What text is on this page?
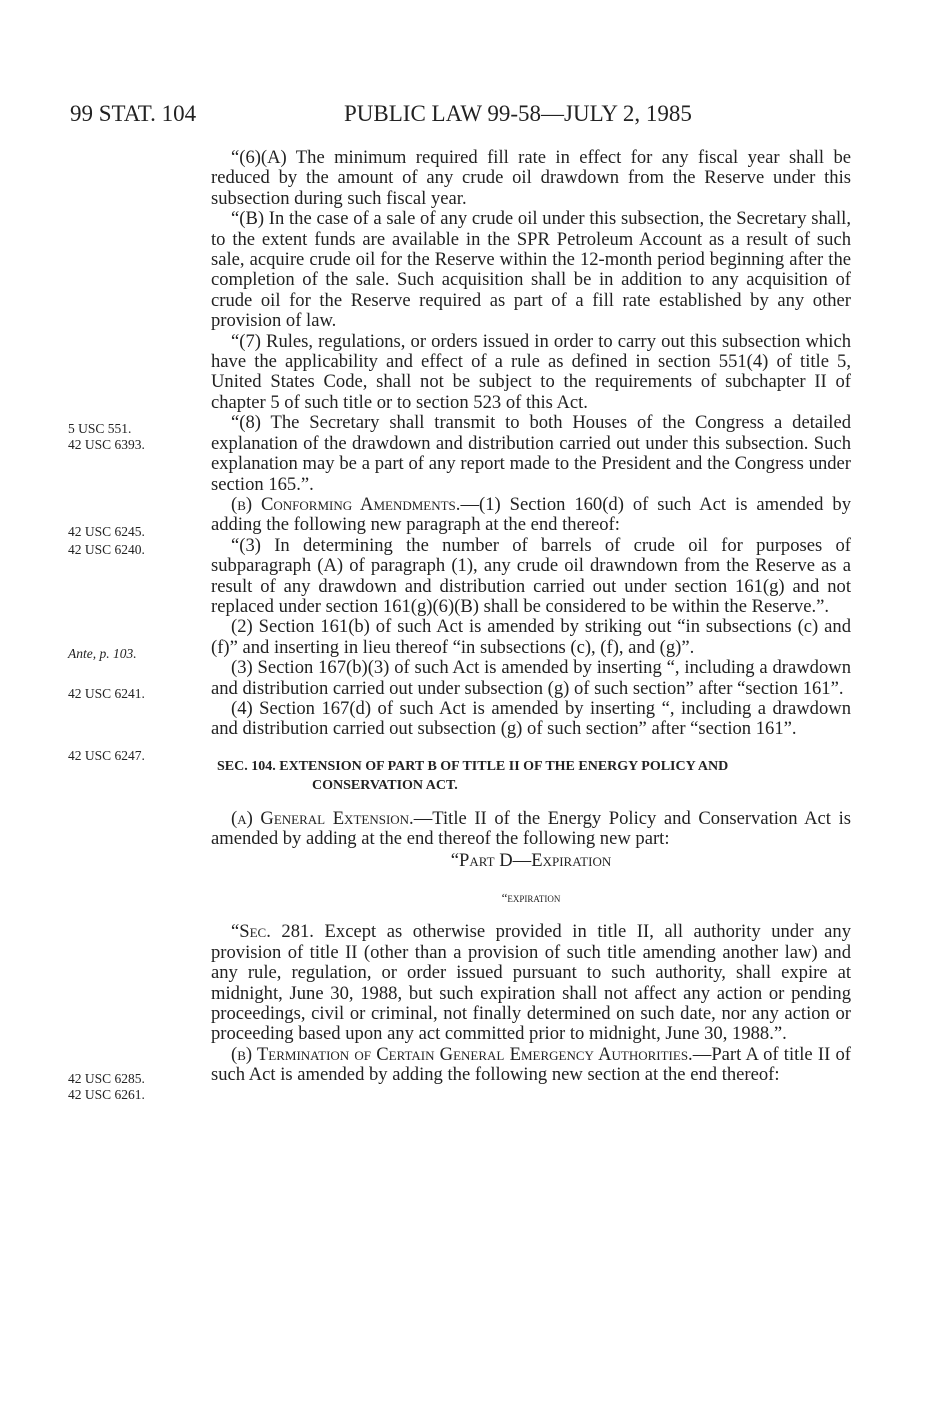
99 STAT. 104	PUBLIC LAW 99-58—JULY 2, 1985
5 USC 551.
42 USC 6393.
42 USC 6245.
42 USC 6240.
Ante, p. 103.
42 USC 6241.
42 USC 6247.
42 USC 6285.
42 USC 6261.

“(6)(A) The minimum required fill rate in effect for any fiscal year shall be reduced by the amount of any crude oil drawdown from the Reserve under this subsection during such fiscal year.

“(B) In the case of a sale of any crude oil under this subsection, the Secretary shall, to the extent funds are available in the SPR Petroleum Account as a result of such sale, acquire crude oil for the Reserve within the 12-month period beginning after the completion of the sale. Such acquisition shall be in addition to any acquisition of crude oil for the Reserve required as part of a fill rate established by any other provision of law.

“(7) Rules, regulations, or orders issued in order to carry out this subsection which have the applicability and effect of a rule as defined in section 551(4) of title 5, United States Code, shall not be subject to the requirements of subchapter II of chapter 5 of such title or to section 523 of this Act.

“(8) The Secretary shall transmit to both Houses of the Congress a detailed explanation of the drawdown and distribution carried out under this subsection. Such explanation may be a part of any report made to the President and the Congress under section 165.”.

(b) Conforming Amendments.—(1) Section 160(d) of such Act is amended by adding the following new paragraph at the end thereof:

“(3) In determining the number of barrels of crude oil for purposes of subparagraph (A) of paragraph (1), any crude oil drawndown from the Reserve as a result of any drawdown and distribution carried out under section 161(g) and not replaced under section 161(g)(6)(B) shall be considered to be within the Reserve.”.

(2) Section 161(b) of such Act is amended by striking out “in subsections (c) and (f)” and inserting in lieu thereof “in subsections (c), (f), and (g)”.

(3) Section 167(b)(3) of such Act is amended by inserting “, including a drawdown and distribution carried out under subsection (g) of such section” after “section 161”.

(4) Section 167(d) of such Act is amended by inserting “, including a drawdown and distribution carried out subsection (g) of such section” after “section 161”.

SEC. 104. EXTENSION OF PART B OF TITLE II OF THE ENERGY POLICY AND
CONSERVATION ACT.

(a) General Extension.—Title II of the Energy Policy and Conservation Act is amended by adding at the end thereof the following new part:

“Part D—Expiration

“expiration

“Sec. 281. Except as otherwise provided in title II, all authority under any provision of title II (other than a provision of such title amending another law) and any rule, regulation, or order issued pursuant to such authority, shall expire at midnight, June 30, 1988, but such expiration shall not affect any action or pending proceedings, civil or criminal, not finally determined on such date, nor any action or proceeding based upon any act committed prior to midnight, June 30, 1988.”.

(b) Termination of Certain General Emergency Authorities.—Part A of title II of such Act is amended by adding the following new section at the end thereof:
